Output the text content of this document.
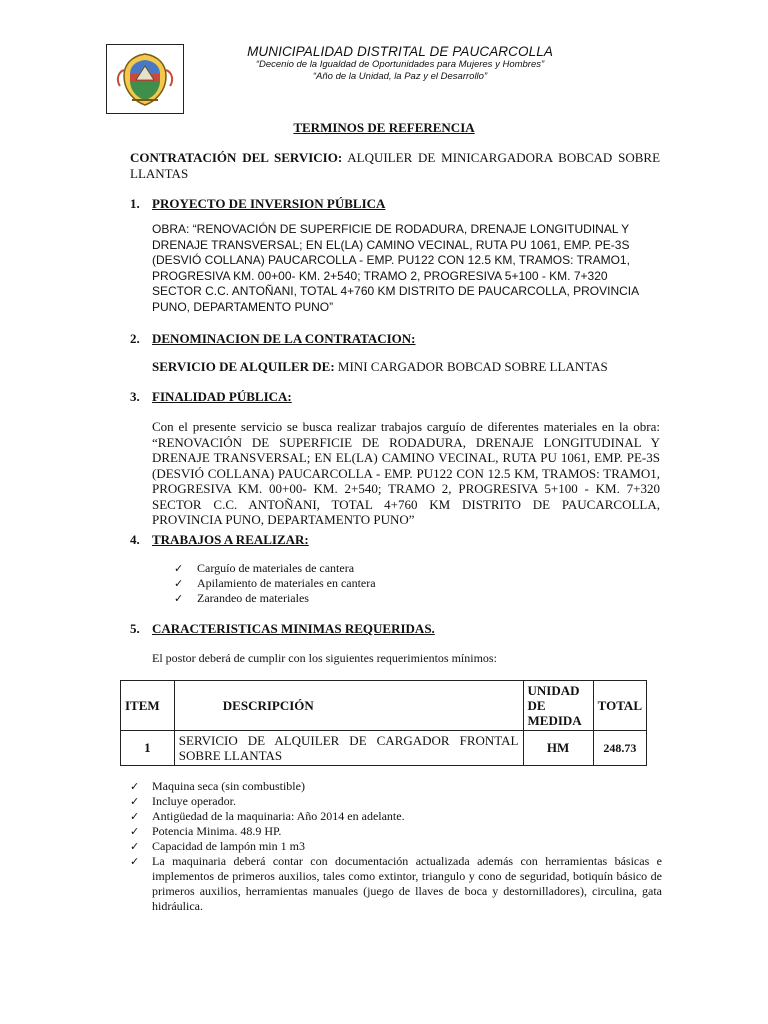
MUNICIPALIDAD DISTRITAL DE PAUCARCOLLA
“Decenio de la Igualdad de Oportunidades para Mujeres y Hombres”
“Año de la Unidad, la Paz y el Desarrollo”
TERMINOS DE REFERENCIA
CONTRATACIÓN DEL SERVICIO: ALQUILER DE MINICARGADORA BOBCAD SOBRE LLANTAS
1. PROYECTO DE INVERSION PÚBLICA
OBRA: “RENOVACIÓN DE SUPERFICIE DE RODADURA, DRENAJE LONGITUDINAL Y DRENAJE TRANSVERSAL; EN EL(LA) CAMINO VECINAL, RUTA PU 1061, EMP. PE-3S (DESVIÓ COLLANA) PAUCARCOLLA - EMP. PU122 CON 12.5 KM, TRAMOS: TRAMO1, PROGRESIVA KM. 00+00- KM. 2+540; TRAMO 2, PROGRESIVA 5+100 - KM. 7+320 SECTOR C.C. ANTOÑANI, TOTAL 4+760 KM DISTRITO DE PAUCARCOLLA, PROVINCIA PUNO, DEPARTAMENTO PUNO”
2. DENOMINACION DE LA CONTRATACION:
SERVICIO DE ALQUILER DE: MINI CARGADOR BOBCAD SOBRE LLANTAS
3. FINALIDAD PÚBLICA:
Con el presente servicio se busca realizar trabajos carguío de diferentes materiales en la obra: “RENOVACIÓN DE SUPERFICIE DE RODADURA, DRENAJE LONGITUDINAL Y DRENAJE TRANSVERSAL; EN EL(LA) CAMINO VECINAL, RUTA PU 1061, EMP. PE-3S (DESVIÓ COLLANA) PAUCARCOLLA - EMP. PU122 CON 12.5 KM, TRAMOS: TRAMO1, PROGRESIVA KM. 00+00- KM. 2+540; TRAMO 2, PROGRESIVA 5+100 - KM. 7+320 SECTOR C.C. ANTOÑANI, TOTAL 4+760 KM DISTRITO DE PAUCARCOLLA, PROVINCIA PUNO, DEPARTAMENTO PUNO”
4. TRABAJOS A REALIZAR:
✓ Carguío de materiales de cantera
✓ Apilamiento de materiales en cantera
✓ Zarandeo de materiales
5. CARACTERISTICAS MINIMAS REQUERIDAS.
El postor deberá de cumplir con los siguientes requerimientos mínimos:
ITEM	DESCRIPCIÓN	UNIDAD DE MEDIDA	TOTAL
1	SERVICIO DE ALQUILER DE CARGADOR FRONTAL SOBRE LLANTAS	HM	248.73
✓ Maquina seca (sin combustible)
✓ Incluye operador.
✓ Antigüedad de la maquinaria: Año 2014 en adelante.
✓ Potencia Minima. 48.9 HP.
✓ Capacidad de lampón min 1 m3
✓ La maquinaria deberá contar con documentación actualizada además con herramientas básicas e implementos de primeros auxilios, tales como extintor, triangulo y cono de seguridad, botiquín básico de primeros auxilios, herramientas manuales (juego de llaves de boca y destornilladores), circulina, gata hidráulica.
